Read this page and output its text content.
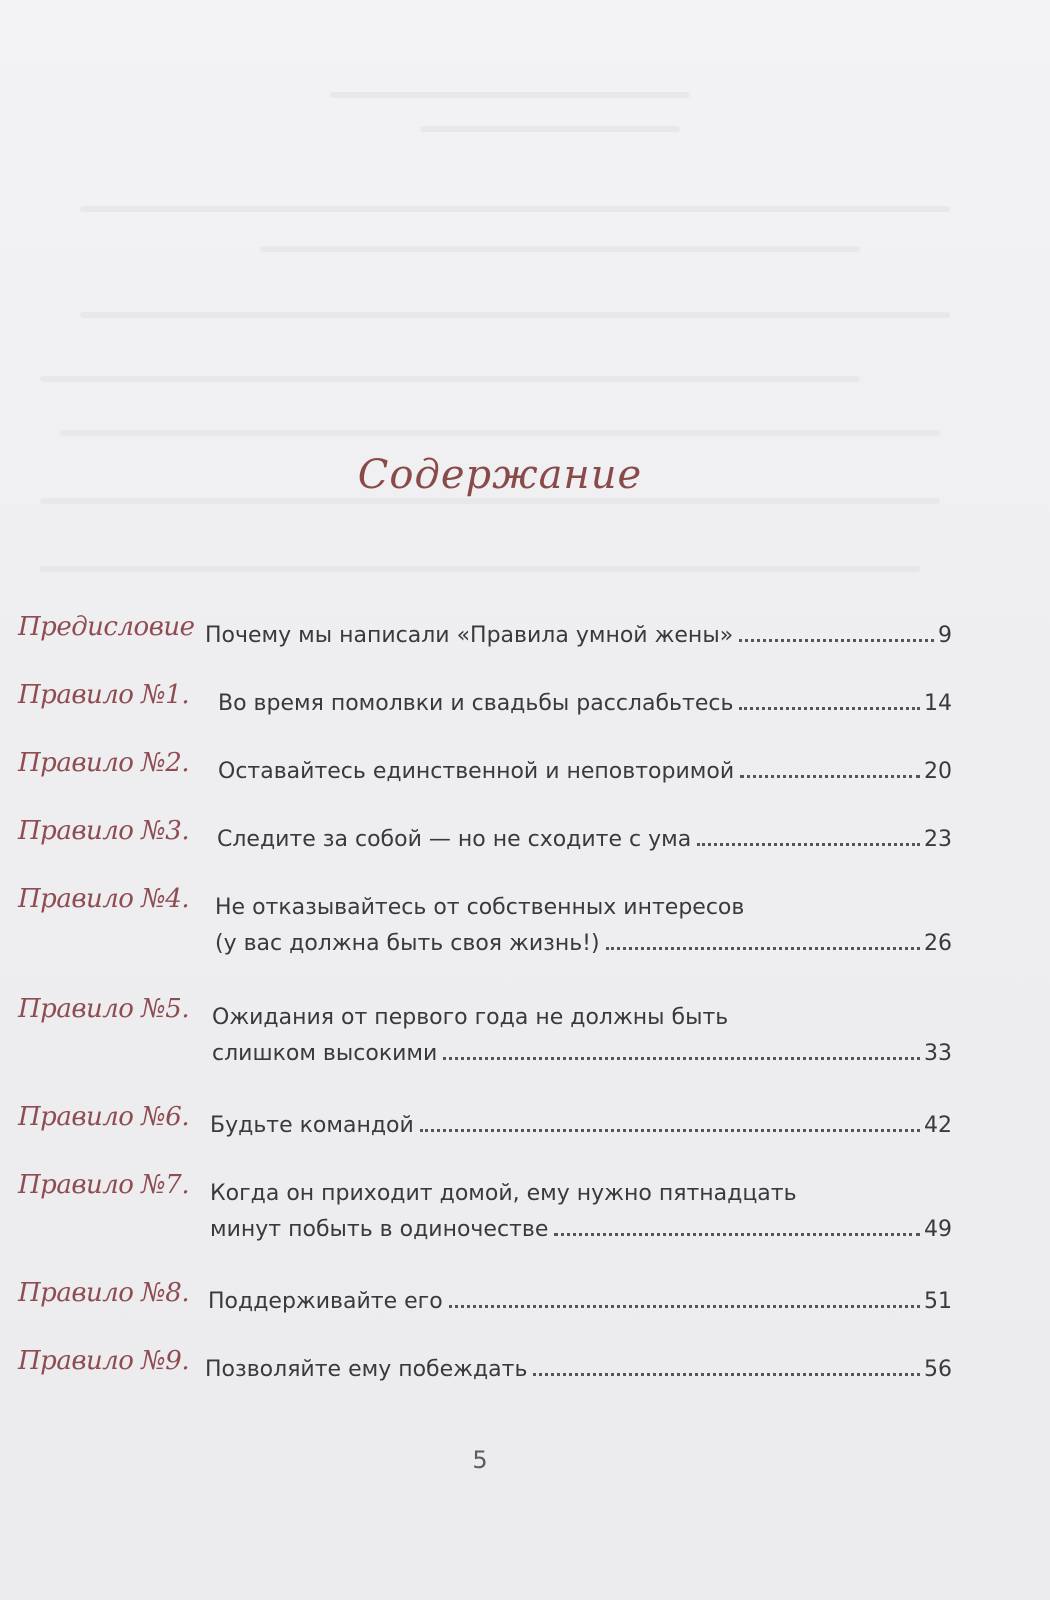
Содержание
Предисловие Почему мы написали «Правила умной жены»	9
Правило №1.	Во время помолвки и свадьбы расслабьтесь	14
Правило №2.	Оставайтесь единственной и неповторимой	20
Правило №3.	Следите за собой — но не сходите с ума	23
Правило №4.	Не отказывайтесь от собственных интересов
(у вас должна быть своя жизнь!)	26
Правило №5.	Ожидания от первого года не должны быть
слишком высокими	33
Правило №6. Будьте командой	42
Правило №7. Когда он приходит домой, ему нужно пятнадцать
минут побыть в одиночестве	49
Правило №8. Поддерживайте его	51
Правило №9. Позволяйте ему побеждать	56
5
